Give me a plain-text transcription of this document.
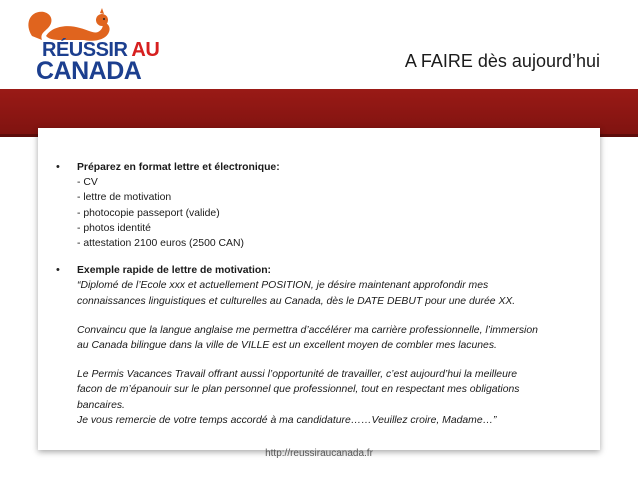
RÉUSSIR AU
CANADA	A FAIRE dès aujourd’hui
• Préparez en format lettre et électronique:
- CV
- lettre de motivation
- photocopie passeport (valide)
- photos identité
- attestation 2100 euros (2500 CAN)
• Exemple rapide de lettre de motivation:
“Diplomé de l’Ecole xxx et actuellement POSITION, je désire maintenant approfondir mes
connaissances linguistiques et culturelles au Canada, dès le DATE DEBUT pour une durée XX.
Convaincu que la langue anglaise me permettra d’accélérer ma carrière professionnelle, l’immersion
au Canada bilingue dans la ville de VILLE est un excellent moyen de combler mes lacunes.
Le Permis Vacances Travail offrant aussi l’opportunité de travailler, c’est aujourd’hui la meilleure
facon de m’épanouir sur le plan personnel que professionnel, tout en respectant mes obligations
bancaires.
Je vous remercie de votre temps accordé à ma candidature……Veuillez croire, Madame…”
http://reussiraucanada.fr
